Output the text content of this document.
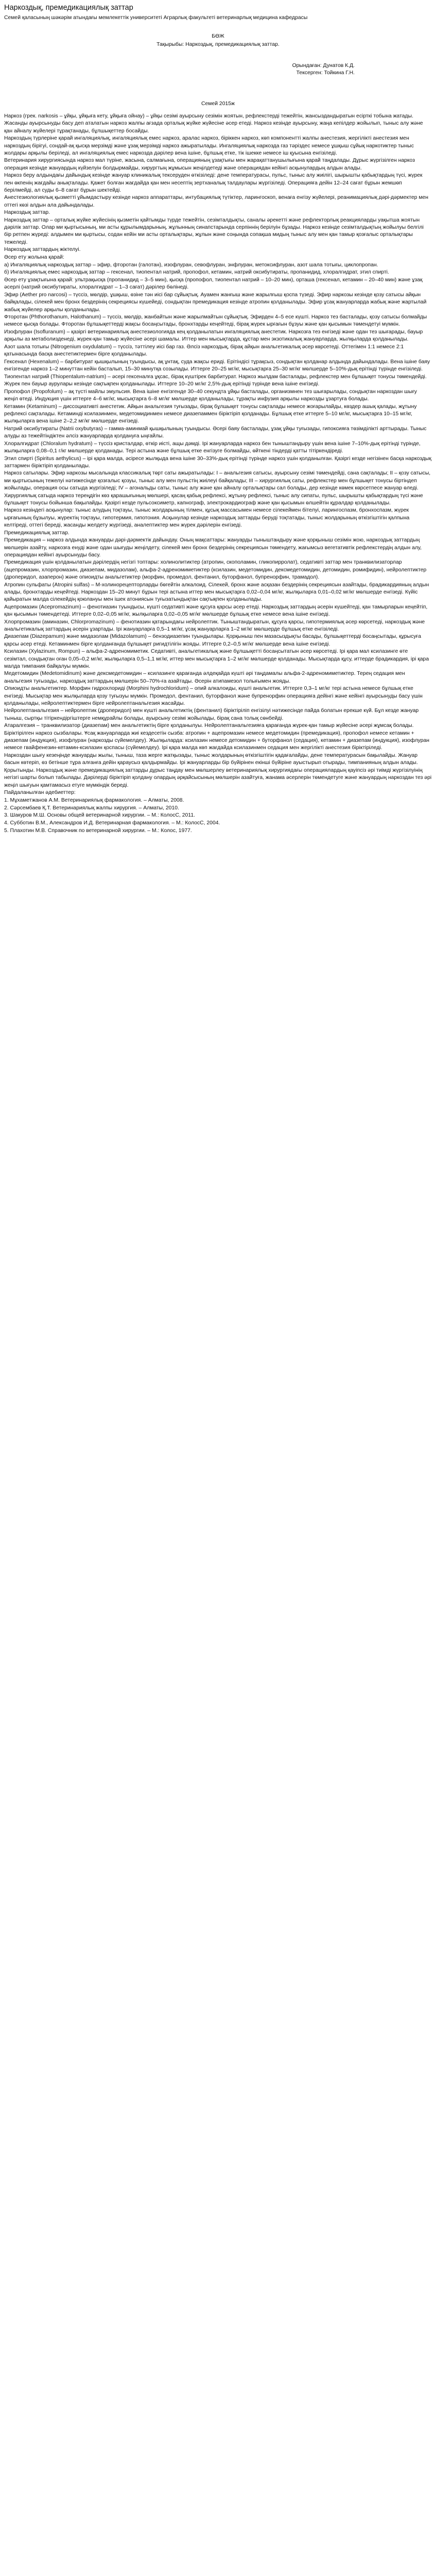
Наркоздық, премедикациялық заттар

Семей қаласының шәкәрім атындағы мемлекеттік университеті Аграрлық факультеті ветеринарлық медицина кафедрасы

БӨЖ

Тақырыбы: Наркоздық, премедикациялық заттар.

Орындаған: Дунатов К.Д.

Тексерген: Тойкина Г.Н.

Семей 2015ж

Наркоз (грек. narkosis – ұйқы, ұйқыға кету, ұйқыға ойнау) – ұйқы сезімі ауырсыну сезімін жоятын, рефлекстерді тежейтін, жансыздандыратын есірткі тобына жатады. Жасанды ауырсынуды басу деп аталатын наркоз жалпы ағзада орталық жүйке жүйесіне әсер етеді. Наркоз кезінде ауырсыну, жаңа кепілдер жойылып, тыныс алу және қан айналу жүйелері тұрақтанады, бұлшықеттер босайды.

Наркоздың түрлеріне қарай ингаляциялық, ингаляциялық емес наркоз, аралас наркоз, біріккен наркоз, көп компонентті жалпы анестезия, жергілікті анестезия мен наркоздың бірігуі, сондай-ақ қысқа мерзімді және ұзақ мерзімді наркоз ажыратылады. Ингаляциялық наркозда газ тәріздес немесе ұшқыш сұйық наркотиктер тыныс жолдары арқылы беріледі, ал ингаляциялық емес наркозда дәрілер вена ішіне, бұлшық етке, тік ішекке немесе іш қуысына енгізіледі.

Ветеринария хирургиясында наркоз мал түріне, жасына, салмағына, операцияның ұзақтығы мен жарақаттанушылығына қарай таңдалады. Дұрыс жүргізілген наркоз операция кезінде жануардың күйзелуін болдырмайды, хирургтың жұмысын жеңілдетеді және операциядан кейінгі асқынулардың алдын алады.

Наркоз беру алдындағы дайындық кезінде жануар клиникалық тексеруден өткізіледі: дене температурасы, пульс, тыныс алу жиілігі, шырышты қабықтардың түсі, жүрек пен өкпенің жағдайы анықталады. Қажет болған жағдайда қан мен несептің зертханалық талдаулары жүргізіледі. Операцияға дейін 12–24 сағат бұрын жемшөп берілмейді, ал суды 6–8 сағат бұрын шектейді.

Анестезиологиялық қызметті ұйымдастыру кезінде наркоз аппараттары, интубациялық түтіктер, ларингоскоп, венаға енгізу жүйелері, реанимациялық дәрі-дәрмектер мен оттегі көзі алдын ала дайындалады.

Наркоздық заттар.

Наркоздық заттар – орталық жүйке жүйесінің қызметін қайтымды түрде тежейтін, сезімталдықты, саналы әрекетті және рефлекторлық реакцияларды уақытша жоятын дәрілік заттар. Олар ми қыртысының, ми асты құрылымдарының, жұлынның синапстарында серпіннің берілуін бұзады. Наркоз кезінде сезімталдықтың жойылуы белгілі бір ретпен жүреді: алдымен ми қыртысы, содан кейін ми асты орталықтары, жұлын және соңында сопақша мидың тыныс алу мен қан тамыр қозғалыс орталықтары тежеледі.

Наркоздық заттардың жіктелуі.

Әсер ету жолына қарай:

а) Ингаляциялық наркоздық заттар – эфир, фторотан (галотан), изофлуран, севофлуран, энфлуран, метоксифлуран, азот шала тотығы, циклопропан.

б) Ингаляциялық емес наркоздық заттар – гексенал, тиопентал натрий, пропофол, кетамин, натрий оксибутираты, пропанидид, хлоралгидрат, этил спирті.

Әсер ету ұзақтығына қарай: ультрақысқа (пропанидид – 3–5 мин), қысқа (пропофол, тиопентал натрий – 10–20 мин), орташа (гексенал, кетамин – 20–40 мин) және ұзақ әсерлі (натрий оксибутираты, хлоралгидрат – 1–3 сағат) дәрілер бөлінеді.

Эфир (Aether pro narcosi) – түссіз, мөлдір, ұшқыш, өзіне тән иісі бар сұйықтық. Ауамен жанғыш және жарылғыш қоспа түзеді. Эфир наркозы кезінде қозу сатысы айқын байқалады, сілекей мен бронх бездерінің секрециясы күшейеді, сондықтан премедикация кезінде атропин қолданылады. Эфир ұсақ жануарларда жабық және жартылай жабық жүйелер арқылы қолданылады.

Фторотан (Phthorothanum, Halothanum) – түссіз, мөлдір, жанбайтын және жарылмайтын сұйықтық. Эфирден 4–5 есе күшті. Наркоз тез басталады, қозу сатысы болмайды немесе қысқа болады. Фторотан бұлшықеттерді жақсы босаңсытады, бронхтарды кеңейтеді, бірақ жүрек ырғағын бұзуы және қан қысымын төмендетуі мүмкін.

Изофлуран (Isofluranum) – қазіргі ветеринариялық анестезиологияда кең қолданылатын ингаляциялық анестетик. Наркозға тез енгізеді және одан тез шығарады, бауыр арқылы аз метаболизденеді, жүрек-қан тамыр жүйесіне әсері шамалы. Иттер мен мысықтарда, құстар мен экзотикалық жануарларда, жылқыларда қолданылады.

Азот шала тотығы (Nitrogenium oxydulatum) – түссіз, тәттілеу иісі бар газ. Әлсіз наркоздық, бірақ айқын анальгетикалық әсер көрсетеді. Оттегімен 1:1 немесе 2:1 қатынасында басқа анестетиктермен бірге қолданылады.

Гексенал (Hexenalum) – барбитурат қышқылының туындысы, ақ ұнтақ, суда жақсы ериді. Ерітіндісі тұрақсыз, сондықтан қолданар алдында дайындалады. Вена ішіне баяу енгізгенде наркоз 1–2 минуттан кейін басталып, 15–30 минутқа созылады. Иттерге 20–25 мг/кг, мысықтарға 25–30 мг/кг мөлшерде 5–10%-дық ерітінді түрінде енгізіледі.

Тиопентал натрий (Thiopentalum-natrium) – әсері гексеналға ұқсас, бірақ күштірек барбитурат. Наркоз жылдам басталады, рефлекстер мен бұлшықет тонусы төмендейді. Жүрек пен бауыр аурулары кезінде сақтықпен қолданылады. Иттерге 10–20 мг/кг 2,5%-дық ерітінді түрінде вена ішіне енгізеді.

Пропофол (Propofolum) – ақ түсті майлы эмульсия. Вена ішіне енгізгенде 30–40 секундта ұйқы басталады, организмнен тез шығарылады, сондықтан наркоздан шығу жеңіл өтеді. Индукция үшін иттерге 4–6 мг/кг, мысықтарға 6–8 мг/кг мөлшерде қолданылады, тұрақты инфузия арқылы наркозды ұзартуға болады.

Кетамин (Ketaminum) – диссоциативті анестетик. Айқын анальгезия туғызады, бірақ бұлшықет тонусы сақталады немесе жоғарылайды, көздер ашық қалады, жұтыну рефлексі сақталады. Кетаминді ксилазинмен, медетомидинмен немесе диазепаммен біріктіріп қолданады. Бұлшық етке иттерге 5–10 мг/кг, мысықтарға 10–15 мг/кг, жылқыларға вена ішіне 2–2,2 мг/кг мөлшерде енгізеді.

Натрий оксибутираты (Natrii oxybutyras) – гамма-аминмай қышқылының туындысы. Әсері баяу басталады, ұзақ ұйқы туғызады, гипоксияға төзімділікті арттырады. Тыныс алуды аз тежейтіндіктен әлсіз жануарларда қолдануға ыңғайлы.

Хлоралгидрат (Chloralum hydratum) – түссіз кристалдар, өткір иісті, ащы дәмді. Ірі жануарларда наркоз бен тыныштандыру үшін вена ішіне 7–10%-дық ерітінді түрінде, жылқыларға 0,08–0,1 г/кг мөлшерде қолданады. Тері астына және бұлшық етке енгізуге болмайды, өйткені тіндерді қатты тітіркендіреді.

Этил спирті (Spiritus aethylicus) – ірі қара малда, әсіресе жылқыда вена ішіне 30–33%-дық ерітінді түрінде наркоз үшін қолданылған. Қазіргі кезде негізінен басқа наркоздық заттармен біріктіріп қолданылады.

Наркоз сатылары. Эфир наркозы мысалында классикалық төрт саты ажыратылады: І – анальгезия сатысы, ауырсыну сезімі төмендейді, сана сақталады; ІІ – қозу сатысы, ми қыртысының тежелуі нәтижесінде қозғалыс қозуы, тыныс алу мен пульстің жиілеуі байқалады; ІІІ – хирургиялық саты, рефлекстер мен бұлшықет тонусы біртіндеп жойылады, операция осы сатыда жүргізіледі; ІV – агональды саты, тыныс алу және қан айналу орталықтары сал болады, дер кезінде көмек көрсетпесе жануар өледі.

Хирургиялық сатыда наркоз тереңдігін көз қарашығының мөлшері, қасаң қабық рефлексі, жұтыну рефлексі, тыныс алу сипаты, пульс, шырышты қабықтардың түсі және бұлшықет тонусы бойынша бақылайды. Қазіргі кезде пульсоксиметр, капнограф, электрокардиограф және қан қысымын өлшейтін құралдар қолданылады.

Наркоз кезіндегі асқынулар: тыныс алудың тоқтауы, тыныс жолдарының тілмен, құсық массасымен немесе сілекеймен бітелуі, ларингоспазм, бронхоспазм, жүрек ырғағының бұзылуы, жүректің тоқтауы, гипотермия, гипотония. Асқынулар кезінде наркоздық заттарды беруді тоқтатады, тыныс жолдарының өткізгіштігін қалпына келтіреді, оттегі береді, жасанды желдету жүргізеді, аналептиктер мен жүрек дәрілерін енгізеді.

Премедикациялық заттар.

Премедикация – наркоз алдында жануарды дәрі-дәрмектік дайындау. Оның мақсаттары: жануарды тыныштандыру және қорқыныш сезімін жою, наркоздық заттардың мөлшерін азайту, наркозға енуді және одан шығуды жеңілдету, сілекей мен бронх бездерінің секрециясын төмендету, жағымсыз вегетативтік рефлекстердің алдын алу, операциядан кейінгі ауырсынуды басу.

Премедикация үшін қолданылатын дәрілердің негізгі топтары: холинолитиктер (атропин, скополамин, гликопирролат), седативті заттар мен транквилизаторлар (ацепромазин, хлорпромазин, диазепам, мидазолам), альфа-2-адреномиметиктер (ксилазин, медетомидин, дексмедетомидин, детомидин, ромифидин), нейролептиктер (дроперидол, азаперон) және опиоидты анальгетиктер (морфин, промедол, фентанил, буторфанол, бупренорфин, трамадол).

Атропин сульфаты (Atropini sulfas) – М-холинорецепторларды бөгейтін алкалоид. Сілекей, бронх және асқазан бездерінің секрециясын азайтады, брадикардияның алдын алады, бронхтарды кеңейтеді. Наркоздан 15–20 минут бұрын тері астына иттер мен мысықтарға 0,02–0,04 мг/кг, жылқыларға 0,01–0,02 мг/кг мөлшерде енгізеді. Күйіс қайыратын малда сілекейдің қоюлануы мен ішек атониясын туғызатындықтан сақтықпен қолданылады.

Ацепромазин (Acepromazinum) – фенотиазин туындысы, күшті седативті және құсуға қарсы әсер етеді. Наркоздық заттардың әсерін күшейтеді, қан тамырларын кеңейтіп, қан қысымын төмендетеді. Иттерге 0,02–0,05 мг/кг, жылқыларға 0,02–0,05 мг/кг мөлшерде бұлшық етке немесе вена ішіне енгізеді.

Хлорпромазин (аминазин, Chlorpromazinum) – фенотиазин қатарындағы нейролептик. Тыныштандыратын, құсуға қарсы, гипотермиялық әсер көрсетеді, наркоздық және анальгетикалық заттардың әсерін ұзартады. Ірі жануарларға 0,5–1 мг/кг, ұсақ жануарларға 1–2 мг/кг мөлшерде бұлшық етке енгізіледі.

Диазепам (Diazepamum) және мидазолам (Midazolamum) – бензодиазепин туындылары. Қорқыныш пен мазасыздықты басады, бұлшықеттерді босаңсытады, құрысуға қарсы әсер етеді. Кетаминмен бірге қолданғанда бұлшықет ригидтілігін жояды. Иттерге 0,2–0,5 мг/кг мөлшерде вена ішіне енгізеді.

Ксилазин (Xylazinum, Rompun) – альфа-2-адреномиметик. Седативті, анальгетикалық және бұлшықетті босаңсытатын әсер көрсетеді. Ірі қара мал ксилазинге өте сезімтал, сондықтан оған 0,05–0,2 мг/кг, жылқыларға 0,5–1,1 мг/кг, иттер мен мысықтарға 1–2 мг/кг мөлшерде қолданады. Мысықтарда құсу, иттерде брадикардия, ірі қара малда тимпания байқалуы мүмкін.

Медетомидин (Medetomidinum) және дексмедетомидин – ксилазинге қарағанда әлдеқайда күшті әрі таңдамалы альфа-2-адреномиметиктер. Терең седация мен анальгезия туғызады, наркоздық заттардың мөлшерін 50–70%-ға азайтады. Әсерін атипамезол толығымен жояды.

Опиоидты анальгетиктер. Морфин гидрохлориді (Morphini hydrochloridum) – опий алкалоиды, күшті анальгетик. Иттерге 0,3–1 мг/кг тері астына немесе бұлшық етке енгізеді. Мысықтар мен жылқыларда қозу туғызуы мүмкін. Промедол, фентанил, буторфанол және бупренорфин операцияға дейінгі және кейінгі ауырсынуды басу үшін қолданылады, нейролептиктермен бірге нейролептанальгезия жасайды.

Нейролептанальгезия – нейролептик (дроперидол) мен күшті анальгетиктің (фентанил) біріктіріліп енгізілуі нәтижесінде пайда болатын ерекше күй. Бұл кезде жануар тыныш, сыртқы тітіркендіргіштерге немқұрайлы болады, ауырсыну сезімі жойылады, бірақ сана толық сөнбейді.

Атаралгезия – транквилизатор (диазепам) мен анальгетиктің бірге қолданылуы. Нейролептанальгезияға қарағанда жүрек-қан тамыр жүйесіне әсері жұмсақ болады.

Біріктірілген наркоз сызбалары. Ұсақ жануарларда жиі кездесетін сызба: атропин + ацепромазин немесе медетомидин (премедикация), пропофол немесе кетамин + диазепам (индукция), изофлуран (наркозды сүйемелдеу). Жылқыларда: ксилазин немесе детомидин + буторфанол (седация), кетамин + диазепам (индукция), изофлуран немесе гвайфенезин-кетамин-ксилазин қоспасы (сүйемелдеу). Ірі қара малда көп жағдайда ксилазинмен седация мен жергілікті анестезия біріктіріледі.

Наркоздан шығу кезеңінде жануарды жылы, тыныш, таза жерге жатқызады, тыныс жолдарының өткізгіштігін қадағалайды, дене температурасын бақылайды. Жануар басын көтеріп, өз бетінше тұра алғанға дейін қараусыз қалдырмайды. Ірі жануарларды бір бүйірінен екінші бүйіріне ауыстырып отырады, тимпанияның алдын алады.

Қорытынды. Наркоздық және премедикациялық заттарды дұрыс таңдау мен мөлшерлеу ветеринариялық хирургиядағы операциялардың қауіпсіз әрі тиімді жүргізілуінің негізгі шарты болып табылады. Дәрілерді біріктіріп қолдану олардың әрқайсысының мөлшерін азайтуға, жанама әсерлерін төмендетуге және жануардың наркоздан тез әрі жеңіл шығуын қамтамасыз етуге мүмкіндік береді.

Пайдаланылған әдебиеттер:

1. Мұхаметжанов А.М. Ветеринариялық фармакология. – Алматы, 2008.

2. Сәрсембаев Қ.Т. Ветеринариялық жалпы хирургия. – Алматы, 2010.

3. Шакуров М.Ш. Основы общей ветеринарной хирургии. – М.: КолосС, 2011.

4. Субботин В.М., Александров И.Д. Ветеринарная фармакология. – М.: КолосС, 2004.

5. Плахотин М.В. Справочник по ветеринарной хирургии. – М.: Колос, 1977.
